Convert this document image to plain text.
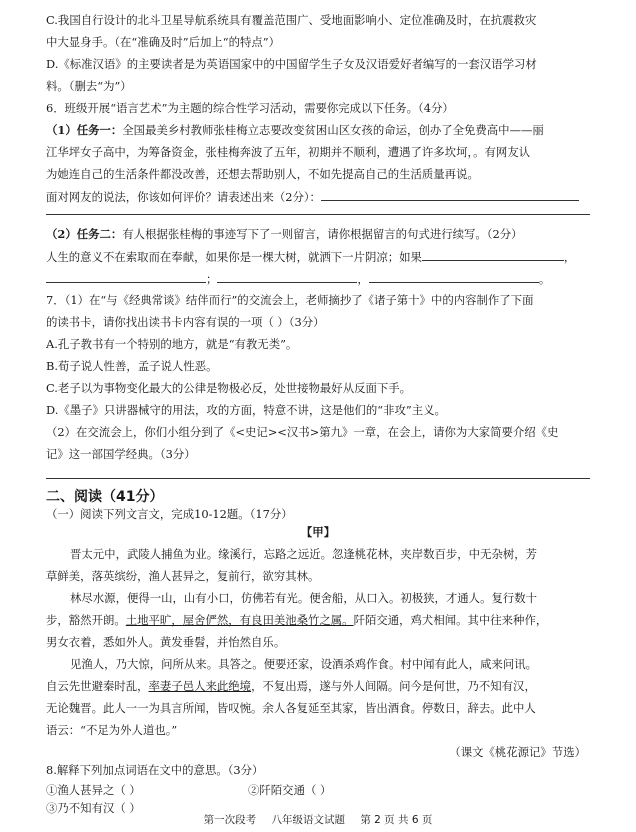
C.我国自行设计的北斗卫星导航系统具有覆盖范围广、受地面影响小、定位准确及时，在抗震救灾
中大显身手。（在“准确及时”后加上“的特点”）
D.《标准汉语》的主要读者是为英语国家中的中国留学生子女及汉语爱好者编写的一套汉语学习材
料。（删去“为”）
6．班级开展“语言艺术”为主题的综合性学习活动，需要你完成以下任务。（4分）
（1）任务一：全国最美乡村教师张桂梅立志要改变贫困山区女孩的命运，创办了全免费高中——丽
江华坪女子高中，为筹备资金，张桂梅奔波了五年，初期并不顺利，遭遇了许多坎坷，。有网友认
为她连自己的生活条件都没改善，还想去帮助别人，不如先提高自己的生活质量再说。
面对网友的说法，你该如何评价？请表述出来（2分）：
（2）任务二：有人根据张桂梅的事迹写下了一则留言，请你根据留言的句式进行续写。（2分）
人生的意义不在索取而在奉献，如果你是一棵大树，就洒下一片阴凉；如果	，
；	，	。
7．（1）在“与《经典常谈》结伴而行”的交流会上，老师摘抄了《诸子第十》中的内容制作了下面
的读书卡，请你找出读书卡内容有误的一项（ ）（3分）
A.孔子教书有一个特别的地方，就是“有教无类”。
B.荀子说人性善，孟子说人性恶。
C.老子以为事物变化最大的公律是物极必反，处世接物最好从反面下手。
D.《墨子》只讲器械守的用法，攻的方面，特意不讲，这是他们的“非攻”主义。
（2）在交流会上，你们小组分到了《<史记><汉书>第九》一章，在会上，请你为大家简要介绍《史
记》这一部国学经典。（3分）
二、阅读（41分）
（一）阅读下列文言文，完成10-12题。（17分）
【甲】
晋太元中，武陵人捕鱼为业。缘溪行，忘路之远近。忽逢桃花林，夹岸数百步，中无杂树，芳
草鲜美，落英缤纷，渔人甚异之，复前行，欲穷其林。
林尽水源，便得一山，山有小口，仿佛若有光。便舍船，从口入。初极狭，才通人。复行数十
步，豁然开朗。土地平旷，屋舍俨然，有良田美池桑竹之属。阡陌交通，鸡犬相闻。其中往来种作，
男女衣着，悉如外人。黄发垂髫，并怡然自乐。
见渔人，乃大惊，问所从来。具答之。便要还家，设酒杀鸡作食。村中闻有此人，咸来问讯。
自云先世避秦时乱，率妻子邑人来此绝境，不复出焉，遂与外人间隔。问今是何世，乃不知有汉，
无论魏晋。此人一一为具言所闻，皆叹惋。余人各复延至其家，皆出酒食。停数日，辞去。此中人
语云：“不足为外人道也。”
（课文《桃花源记》节选）
8.解释下列加点词语在文中的意思。（3分）
①渔人甚异之（ ）	②阡陌交通（ ）
③乃不知有汉（ ）
第一次段考 八年级语文试题 第 2 页 共 6 页
